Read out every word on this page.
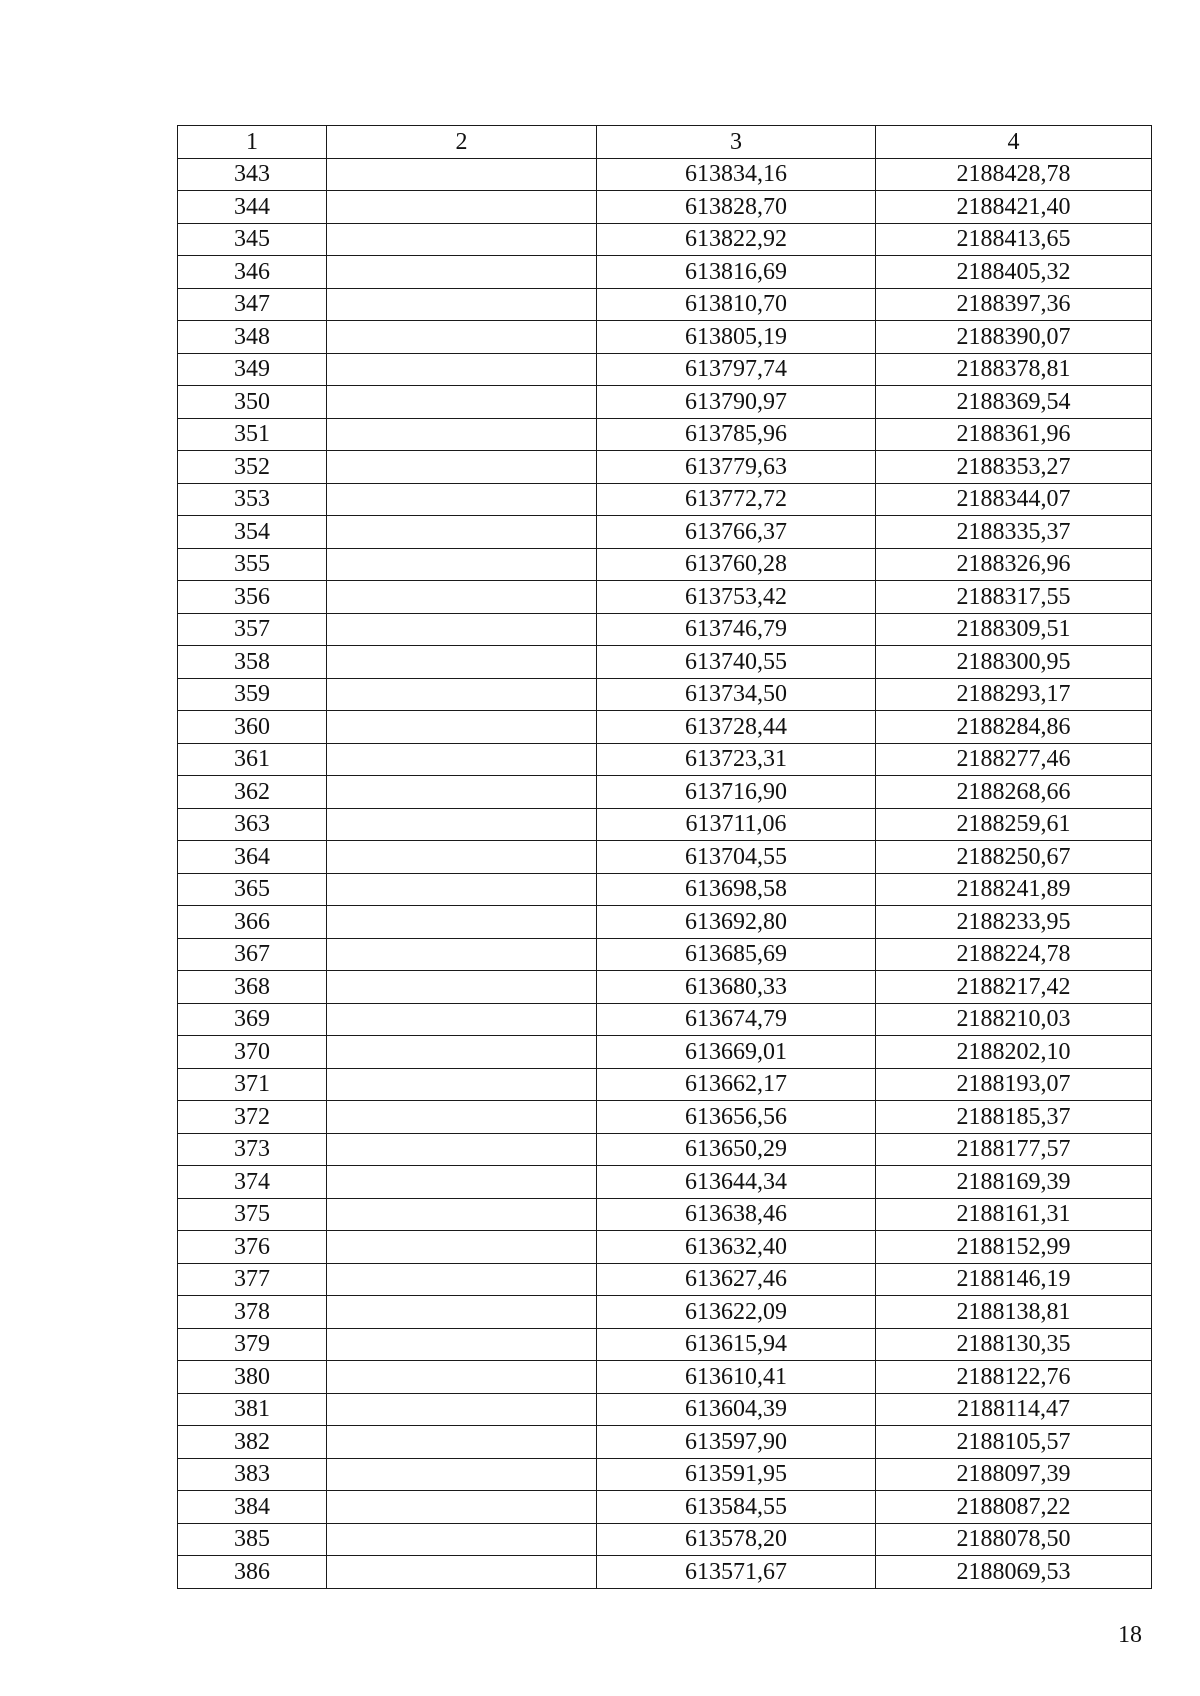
1	2	3	4
343		613834,16	2188428,78
344		613828,70	2188421,40
345		613822,92	2188413,65
346		613816,69	2188405,32
347		613810,70	2188397,36
348		613805,19	2188390,07
349		613797,74	2188378,81
350		613790,97	2188369,54
351		613785,96	2188361,96
352		613779,63	2188353,27
353		613772,72	2188344,07
354		613766,37	2188335,37
355		613760,28	2188326,96
356		613753,42	2188317,55
357		613746,79	2188309,51
358		613740,55	2188300,95
359		613734,50	2188293,17
360		613728,44	2188284,86
361		613723,31	2188277,46
362		613716,90	2188268,66
363		613711,06	2188259,61
364		613704,55	2188250,67
365		613698,58	2188241,89
366		613692,80	2188233,95
367		613685,69	2188224,78
368		613680,33	2188217,42
369		613674,79	2188210,03
370		613669,01	2188202,10
371		613662,17	2188193,07
372		613656,56	2188185,37
373		613650,29	2188177,57
374		613644,34	2188169,39
375		613638,46	2188161,31
376		613632,40	2188152,99
377		613627,46	2188146,19
378		613622,09	2188138,81
379		613615,94	2188130,35
380		613610,41	2188122,76
381		613604,39	2188114,47
382		613597,90	2188105,57
383		613591,95	2188097,39
384		613584,55	2188087,22
385		613578,20	2188078,50
386		613571,67	2188069,53
18
